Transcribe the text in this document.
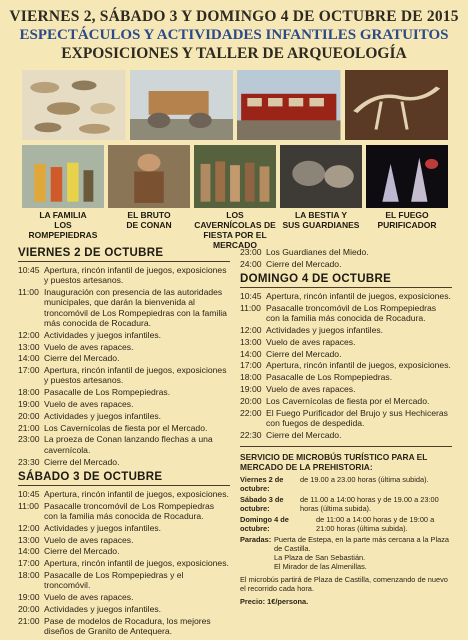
VIERNES 2, SÁBADO 3 Y DOMINGO 4 DE OCTUBRE DE 2015
ESPECTÁCULOS Y ACTIVIDADES INFANTILES GRATUITOS
EXPOSICIONES Y TALLER DE ARQUEOLOGÍA
LA FAMILIA
LOS ROMPEPIEDRAS
EL BRUTO
DE CONAN
LOS CAVERNÍCOLAS DE
FIESTA POR EL MERCADO
LA BESTIA Y
SUS GUARDIANES
EL FUEGO
PURIFICADOR
VIERNES 2 DE OCTUBRE
10:45 Apertura, rincón infantil de juegos, exposiciones y puestos artesanos.
11:00 Inauguración con presencia de las autoridades municipales, que darán la bienvenida al troncomóvil de Los Rompepiedras con la familia más conocida de Rocadura.
12:00 Actividades y juegos infantiles.
13:00 Vuelo de aves rapaces.
14:00 Cierre del Mercado.
17:00 Apertura, rincón infantil de juegos, exposiciones y puestos artesanos.
18:00 Pasacalle de Los Rompepiedras.
19:00 Vuelo de aves rapaces.
20:00 Actividades y juegos infantiles.
21:00 Los Cavernícolas de fiesta por el Mercado.
23:00 La proeza de Conan lanzando flechas a una cavernícola.
23:30 Cierre del Mercado.
SÁBADO 3 DE OCTUBRE
10:45 Apertura, rincón infantil de juegos, exposiciones.
11:00 Pasacalle troncomóvil de Los Rompepiedras con la familia más conocida de Rocadura.
12:00 Actividades y juegos infantiles.
13:00 Vuelo de aves rapaces.
14:00 Cierre del Mercado.
17:00 Apertura, rincón infantil de juegos, exposiciones.
18:00 Pasacalle de Los Rompepiedras y el troncomóvil.
19:00 Vuelo de aves rapaces.
20:00 Actividades y juegos infantiles.
21:00 Pase de modelos de Rocadura, los mejores diseños de Granito de Antequera.
23:00 Los Guardianes del Miedo.
24:00 Cierre del Mercado.
DOMINGO 4 DE OCTUBRE
10:45 Apertura, rincón infantil de juegos, exposiciones.
11:00 Pasacalle troncomóvil de Los Rompepiedras con la familia más conocida de Rocadura.
12:00 Actividades y juegos infantiles.
13:00 Vuelo de aves rapaces.
14:00 Cierre del Mercado.
17:00 Apertura, rincón infantil de juegos, exposiciones.
18:00 Pasacalle de Los Rompepiedras.
19:00 Vuelo de aves rapaces.
20:00 Los Cavernícolas de fiesta por el Mercado.
22:00 El Fuego Purificador del Brujo y sus Hechiceras con fuegos de despedida.
22:30 Cierre del Mercado.
SERVICIO DE MICROBÚS TURÍSTICO PARA EL MERCADO DE LA PREHISTORIA:
Viernes 2 de octubre:
de 19.00 a 23.00 horas (última subida).
Sábado 3 de octubre:
de 11.00 a 14:00 horas y de 19.00 a 23:00 horas (última subida).
Domingo 4 de octubre:
de 11:00 a 14:00 horas y de 19:00 a 21:00 horas (última subida).
Paradas: Puerta de Estepa, en la parte más cercana a la Plaza de Castilla.
La Plaza de San Sebastián.
El Mirador de las Almenillas.
El microbús partirá de Plaza de Castilla, comenzando de nuevo el recorrido cada hora.
Precio: 1€/persona.
